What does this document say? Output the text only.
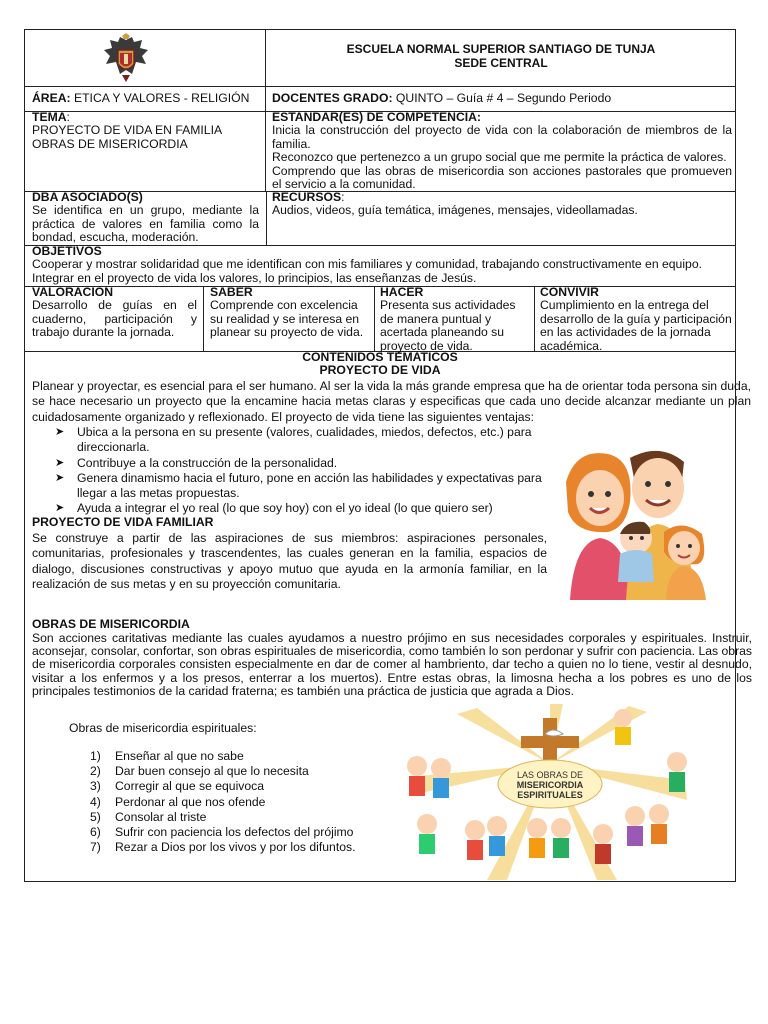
ESCUELA NORMAL SUPERIOR SANTIAGO DE TUNJA
SEDE CENTRAL
ÁREA: ETICA Y VALORES - RELIGIÓN	DOCENTES GRADO: QUINTO – Guía # 4 – Segundo Periodo
TEMA:
PROYECTO DE VIDA EN FAMILIA
OBRAS DE MISERICORDIA
ESTANDAR(ES) DE COMPETENCIA:
Inicia la construcción del proyecto de vida con la colaboración de miembros de la familia.
Reconozco que pertenezco a un grupo social que me permite la práctica de valores.
Comprendo que las obras de misericordia son acciones pastorales que promueven el servicio a la comunidad.
DBA ASOCIADO(S)
Se identifica en un grupo, mediante la práctica de valores en familia como la bondad, escucha, moderación.
RECURSOS:
Audios, videos, guía temática, imágenes, mensajes, videollamadas.
OBJETIVOS
Cooperar y mostrar solidaridad que me identifican con mis familiares y comunidad, trabajando constructivamente en equipo.
Integrar en el proyecto de vida los valores, lo principios, las enseñanzas de Jesús.
VALORACION
Desarrollo de guías en el cuaderno, participación y trabajo durante la jornada.
SABER
Comprende con excelencia su realidad y se interesa en planear su proyecto de vida.
HACER
Presenta sus actividades de manera puntual y acertada planeando su proyecto de vida.
CONVIVIR
Cumplimiento en la entrega del desarrollo de la guía y participación en las actividades de la jornada académica.
CONTENIDOS TEMATICOS
PROYECTO DE VIDA
Planear y proyectar, es esencial para el ser humano. Al ser la vida la más grande empresa que ha de orientar toda persona sin duda, se hace necesario un proyecto que la encamine hacia metas claras y especificas que cada uno decide alcanzar mediante un plan cuidadosamente organizado y reflexionado. El proyecto de vida tiene las siguientes ventajas:
➤ Ubica a la persona en su presente (valores, cualidades, miedos, defectos, etc.) para direccionarla.
➤ Contribuye a la construcción de la personalidad.
➤ Genera dinamismo hacia el futuro, pone en acción las habilidades y expectativas para llegar a las metas propuestas.
➤ Ayuda a integrar el yo real (lo que soy hoy) con el yo ideal (lo que quiero ser)
PROYECTO DE VIDA FAMILIAR
Se construye a partir de las aspiraciones de sus miembros: aspiraciones personales, comunitarias, profesionales y trascendentes, las cuales generan en la familia, espacios de dialogo, discusiones constructivas y apoyo mutuo que ayuda en la armonía familiar, en la realización de sus metas y en su proyección comunitaria.
OBRAS DE MISERICORDIA
Son acciones caritativas mediante las cuales ayudamos a nuestro prójimo en sus necesidades corporales y espirituales. Instruir, aconsejar, consolar, confortar, son obras espirituales de misericordia, como también lo son perdonar y sufrir con paciencia. Las obras de misericordia corporales consisten especialmente en dar de comer al hambriento, dar techo a quien no lo tiene, vestir al desnudo, visitar a los enfermos y a los presos, enterrar a los muertos). Entre estas obras, la limosna hecha a los pobres es uno de los principales testimonios de la caridad fraterna; es también una práctica de justicia que agrada a Dios.
Obras de misericordia espirituales:
1) Enseñar al que no sabe
2) Dar buen consejo al que lo necesita
3) Corregir al que se equivoca
4) Perdonar al que nos ofende
5) Consolar al triste
6) Sufrir con paciencia los defectos del prójimo
7) Rezar a Dios por los vivos y por los difuntos.
LAS OBRAS DE
MISERICORDIA
ESPIRITUALES
